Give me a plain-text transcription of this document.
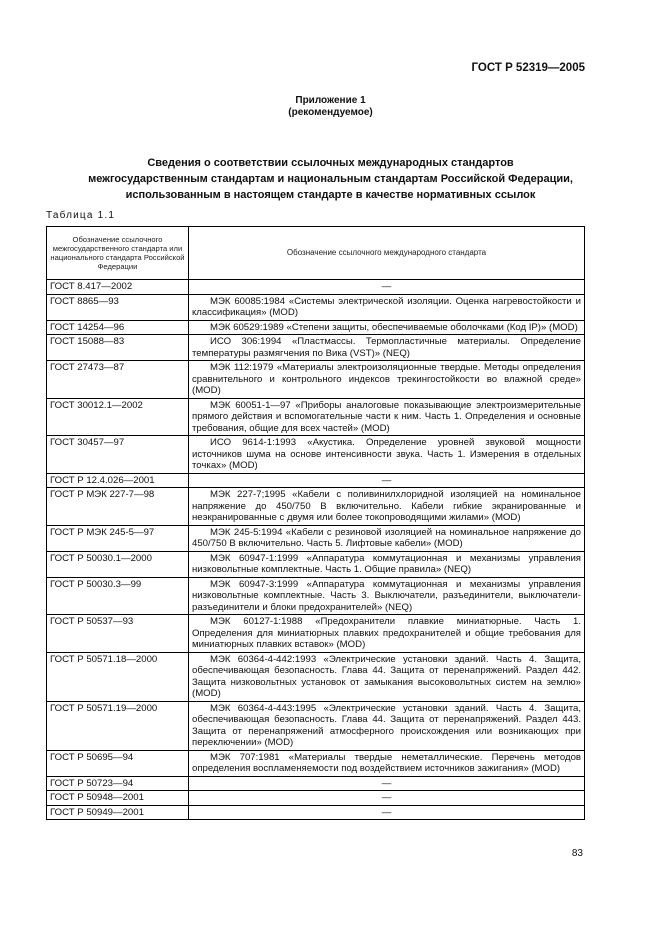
ГОСТ Р 52319—2005
Приложение 1
(рекомендуемое)
Сведения о соответствии ссылочных международных стандартов
межгосударственным стандартам и национальным стандартам Российской Федерации,
использованным в настоящем стандарте в качестве нормативных ссылок
Таблица 1.1
Обозначение ссылочного межгосударственного стандарта или национального стандарта Российской Федерации	Обозначение ссылочного международного стандарта
ГОСТ 8.417—2002	—
ГОСТ 8865—93	МЭК 60085:1984 «Системы электрической изоляции. Оценка нагревостойкости и классификация» (MOD)
ГОСТ 14254—96	МЭК 60529:1989 «Степени защиты, обеспечиваемые оболочками (Код IP)» (MOD)
ГОСТ 15088—83	ИСО 306:1994 «Пластмассы. Термопластичные материалы. Определение температуры размягчения по Вика (VST)» (NEQ)
ГОСТ 27473—87	МЭК 112:1979 «Материалы электроизоляционные твердые. Методы определения сравнительного и контрольного индексов трекингостойкости во влажной среде» (MOD)
ГОСТ 30012.1—2002	МЭК 60051-1—97 «Приборы аналоговые показывающие электроизмерительные прямого действия и вспомогательные части к ним. Часть 1. Определения и основные требования, общие для всех частей» (MOD)
ГОСТ 30457—97	ИСО 9614-1:1993 «Акустика. Определение уровней звуковой мощности источников шума на основе интенсивности звука. Часть 1. Измерения в отдельных точках» (MOD)
ГОСТ Р 12.4.026—2001	—
ГОСТ Р МЭК 227-7—98	МЭК 227-7;1995 «Кабели с поливинилхлоридной изоляцией на номинальное напряжение до 450/750 В включительно. Кабели гибкие экранированные и неэкранированные с двумя или более токопроводящими жилами» (MOD)
ГОСТ Р МЭК 245-5—97	МЭК 245-5:1994 «Кабели с резиновой изоляцией на номинальное напряжение до 450/750 В включительно. Часть 5. Лифтовые кабели» (MOD)
ГОСТ Р 50030.1—2000	МЭК 60947-1:1999 «Аппаратура коммутационная и механизмы управления низковольтные комплектные. Часть 1. Общие правила» (NEQ)
ГОСТ Р 50030.3—99	МЭК 60947-3:1999 «Аппаратура коммутационная и механизмы управления низковольтные комплектные. Часть 3. Выключатели, разъединители, выключатели-разъединители и блоки предохранителей» (NEQ)
ГОСТ Р 50537—93	МЭК 60127-1:1988 «Предохранители плавкие миниатюрные. Часть 1. Определения для миниатюрных плавких предохранителей и общие требования для миниатюрных плавких вставок» (MOD)
ГОСТ Р 50571.18—2000	МЭК 60364-4-442:1993 «Электрические установки зданий. Часть 4. Защита, обеспечивающая безопасность. Глава 44. Защита от перенапряжений. Раздел 442. Защита низковольтных установок от замыкания высоковольтных систем на землю» (MOD)
ГОСТ Р 50571.19—2000	МЭК 60364-4-443:1995 «Электрические установки зданий. Часть 4. Защита, обеспечивающая безопасность. Глава 44. Защита от перенапряжений. Раздел 443. Защита от перенапряжений атмосферного происхождения или возникающих при переключении» (MOD)
ГОСТ Р 50695—94	МЭК 707:1981 «Материалы твердые неметаллические. Перечень методов определения воспламеняемости под воздействием источников зажигания» (MOD)
ГОСТ Р 50723—94	—
ГОСТ Р 50948—2001	—
ГОСТ Р 50949—2001	—
83
